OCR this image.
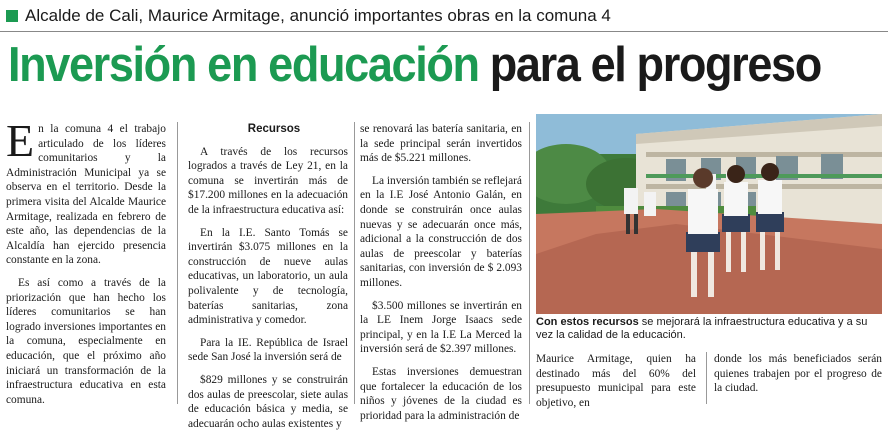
Alcalde de Cali, Maurice Armitage, anunció importantes obras en la comuna 4
Inversión en educación para el progreso

En la comuna 4 el trabajo articulado de los líderes comunitarios y la Administración Municipal ya se observa en el territorio. Desde la primera visita del Alcalde Maurice Armitage, realizada en febrero de este año, las dependencias de la Alcaldía han ejercido presencia constante en la zona.

Es así como a través de la priorización que han hecho los líderes comunitarios se han logrado inversiones importantes en la comuna, especialmente en educación, que el próximo año iniciará un transformación de la infraestructura educativa en esta comuna.

Recursos

A través de los recursos logrados a través de Ley 21, en la comuna se invertirán más de $17.200 millones en la adecuación de la infraestructura educativa así:

En la I.E. Santo Tomás se invertirán $3.075 millones en la construcción de nueve aulas educativas, un laboratorio, un aula polivalente y de tecnología, baterías sanitarias, zona administrativa y comedor.

Para la IE. República de Israel sede San José la inversión será de

$829 millones y se construirán dos aulas de preescolar, siete aulas de educación básica y media, se adecuarán ocho aulas existentes y

se renovará las batería sanitaria, en la sede principal serán invertidos más de $5.221 millones.

La inversión también se reflejará en la I.E José Antonio Galán, en donde se construirán once aulas nuevas y se adecuarán once más, adicional a la construcción de dos aulas de preescolar y baterías sanitarias, con inversión de $ 2.093 millones.

$3.500 millones se invertirán en la LE Inem Jorge Isaacs sede principal, y en la I.E La Merced la inversión será de $2.397 millones.

Estas inversiones demuestran que fortalecer la educación de los niños y jóvenes de la ciudad es prioridad para la administración de

Con estos recursos se mejorará la infraestructura educativa y a su vez la calidad de la educación.

Maurice Armitage, quien ha destinado más del 60% del presupuesto municipal para este objetivo, en

donde los más beneficiados serán quienes trabajen por el progreso de la ciudad.
